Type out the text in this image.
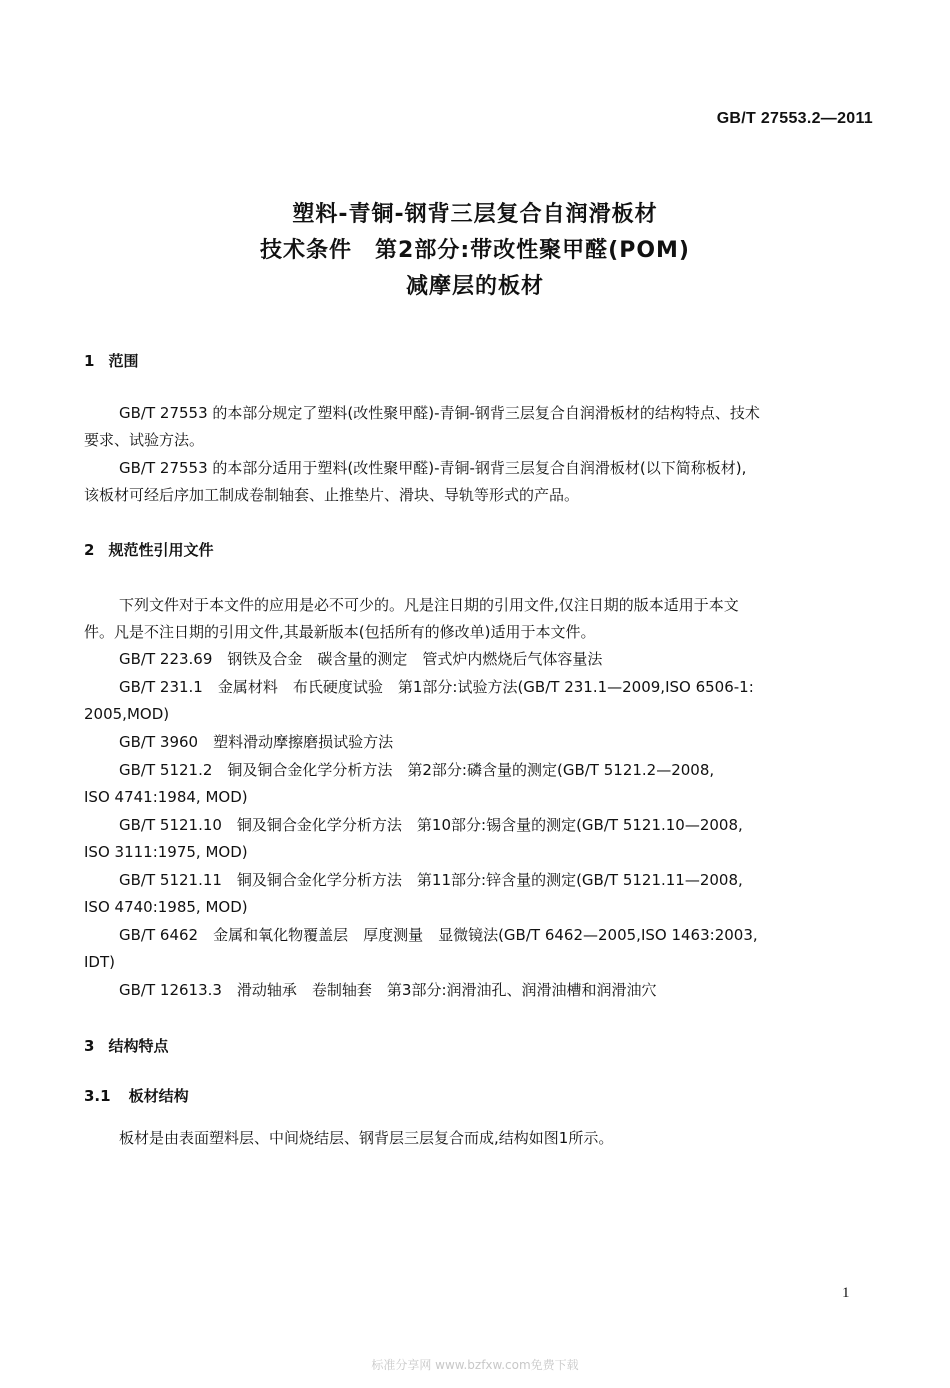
GB/T 27553.2—2011
塑料-青铜-钢背三层复合自润滑板材
技术条件　第2部分:带改性聚甲醛(POM)
减摩层的板材
1 范围
GB/T 27553 的本部分规定了塑料(改性聚甲醛)-青铜-钢背三层复合自润滑板材的结构特点、技术
要求、试验方法。
GB/T 27553 的本部分适用于塑料(改性聚甲醛)-青铜-钢背三层复合自润滑板材(以下简称板材),
该板材可经后序加工制成卷制轴套、止推垫片、滑块、导轨等形式的产品。
2 规范性引用文件
下列文件对于本文件的应用是必不可少的。凡是注日期的引用文件,仅注日期的版本适用于本文
件。凡是不注日期的引用文件,其最新版本(包括所有的修改单)适用于本文件。
GB/T 223.69　钢铁及合金　碳含量的测定　管式炉内燃烧后气体容量法
GB/T 231.1　金属材料　布氏硬度试验　第1部分:试验方法(GB/T 231.1—2009,ISO 6506-1:
2005,MOD)
GB/T 3960　塑料滑动摩擦磨损试验方法
GB/T 5121.2　铜及铜合金化学分析方法　第2部分:磷含量的测定(GB/T 5121.2—2008,
ISO 4741:1984, MOD)
GB/T 5121.10　铜及铜合金化学分析方法　第10部分:锡含量的测定(GB/T 5121.10—2008,
ISO 3111:1975, MOD)
GB/T 5121.11　铜及铜合金化学分析方法　第11部分:锌含量的测定(GB/T 5121.11—2008,
ISO 4740:1985, MOD)
GB/T 6462　金属和氧化物覆盖层　厚度测量　显微镜法(GB/T 6462—2005,ISO 1463:2003,
IDT)
GB/T 12613.3　滑动轴承　卷制轴套　第3部分:润滑油孔、润滑油槽和润滑油穴
3 结构特点
3.1 板材结构
板材是由表面塑料层、中间烧结层、钢背层三层复合而成,结构如图1所示。
1
标准分享网 www.bzfxw.com免费下载
